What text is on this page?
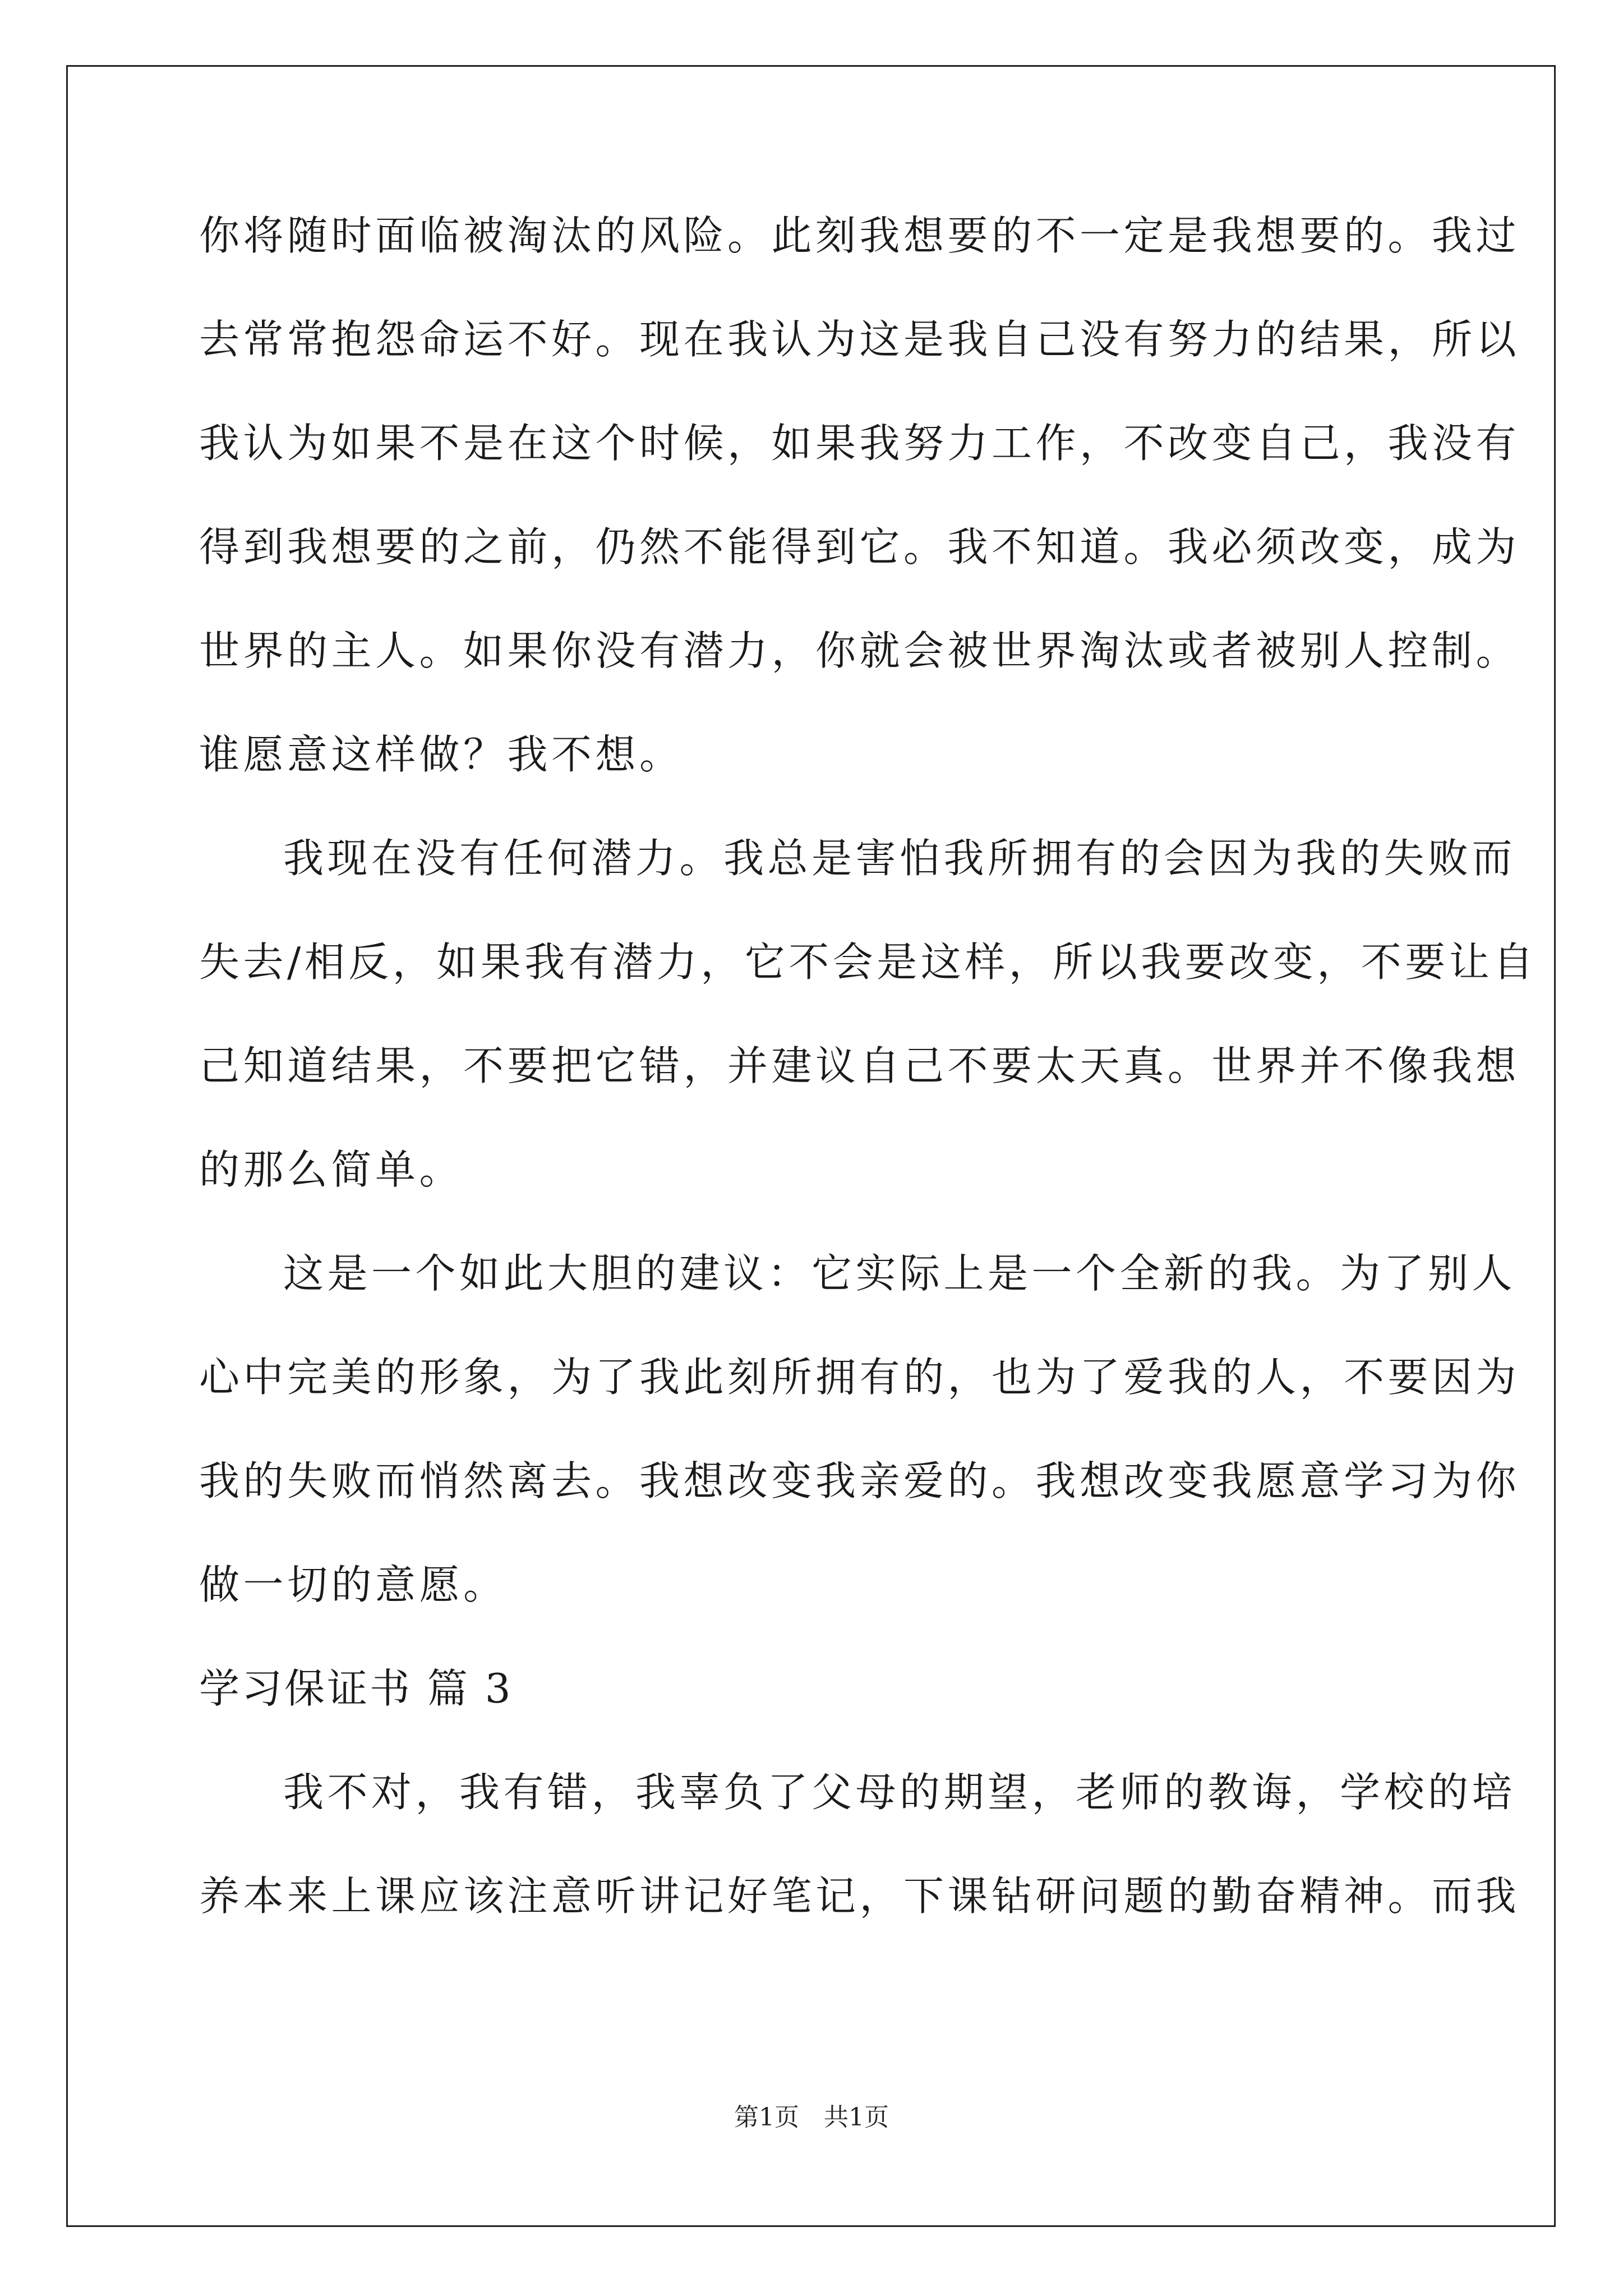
你将随时面临被淘汰的风险。此刻我想要的不一定是我想要的。我过
去常常抱怨命运不好。现在我认为这是我自己没有努力的结果，所以
我认为如果不是在这个时候，如果我努力工作，不改变自己，我没有
得到我想要的之前，仍然不能得到它。我不知道。我必须改变，成为
世界的主人。如果你没有潜力，你就会被世界淘汰或者被别人控制。
谁愿意这样做？我不想。
我现在没有任何潜力。我总是害怕我所拥有的会因为我的失败而
失去/相反，如果我有潜力，它不会是这样，所以我要改变，不要让自
己知道结果，不要把它错，并建议自己不要太天真。世界并不像我想
的那么简单。
这是一个如此大胆的建议：它实际上是一个全新的我。为了别人
心中完美的形象，为了我此刻所拥有的，也为了爱我的人，不要因为
我的失败而悄然离去。我想改变我亲爱的。我想改变我愿意学习为你
做一切的意愿。
学习保证书 篇 3
我不对，我有错，我辜负了父母的期望，老师的教诲，学校的培
养本来上课应该注意听讲记好笔记，下课钻研问题的勤奋精神。而我
第1页　共1页
